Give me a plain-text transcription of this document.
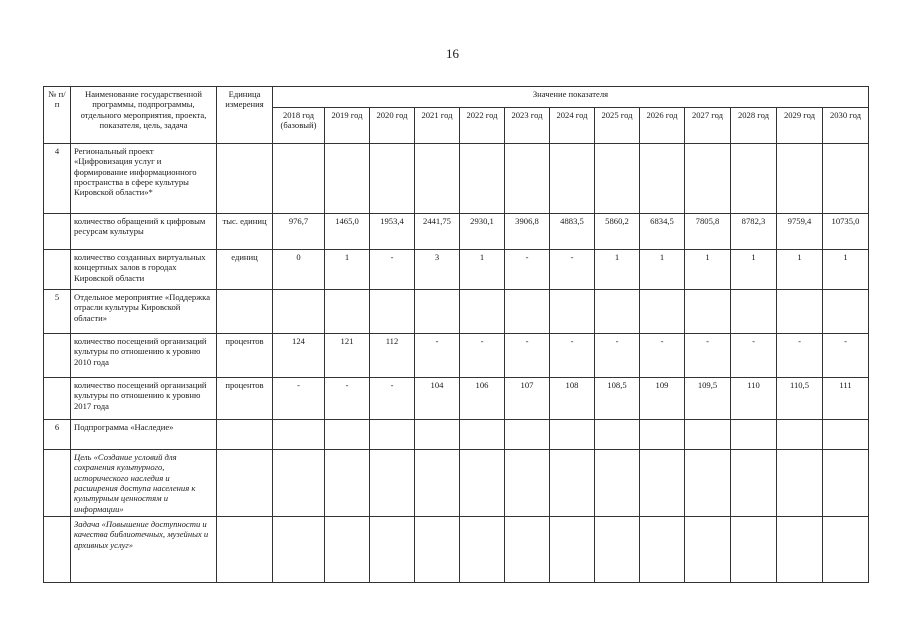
16
№ п/п	Наименование государственной программы, подпрограммы, отдельного мероприятия, проекта, показателя, цель, задача	Единица измерения	Значение показателя												
			2018 год (базовый)	2019 год	2020 год	2021 год	2022 год	2023 год	2024 год	2025 год	2026 год	2027 год	2028 год	2029 год	2030 год
4	Региональный проект «Цифровизация услуг и формирование информационного пространства в сфере культуры Кировской области»*														
	количество обращений к цифровым ресурсам культуры	тыс. единиц	976,7	1465,0	1953,4	2441,75	2930,1	3906,8	4883,5	5860,2	6834,5	7805,8	8782,3	9759,4	10735,0
	количество созданных виртуальных концертных залов в городах Кировской области	единиц	0	1	-	3	1	-	-	1	1	1	1	1	1
5	Отдельное мероприятие «Поддержка отрасли культуры Кировской области»														
	количество посещений организаций культуры по отношению к уровню 2010 года	процентов	124	121	112	-	-	-	-	-	-	-	-	-	-
	количество посещений организаций культуры по отношению к уровню 2017 года	процентов	-	-	-	104	106	107	108	108,5	109	109,5	110	110,5	111
6	Подпрограмма «Наследие»														
	Цель «Создание условий для сохранения культурного, исторического наследия и расширения доступа населения к культурным ценностям и информации»														
	Задача «Повышение доступности и качества библиотечных, музейных и архивных услуг»														
